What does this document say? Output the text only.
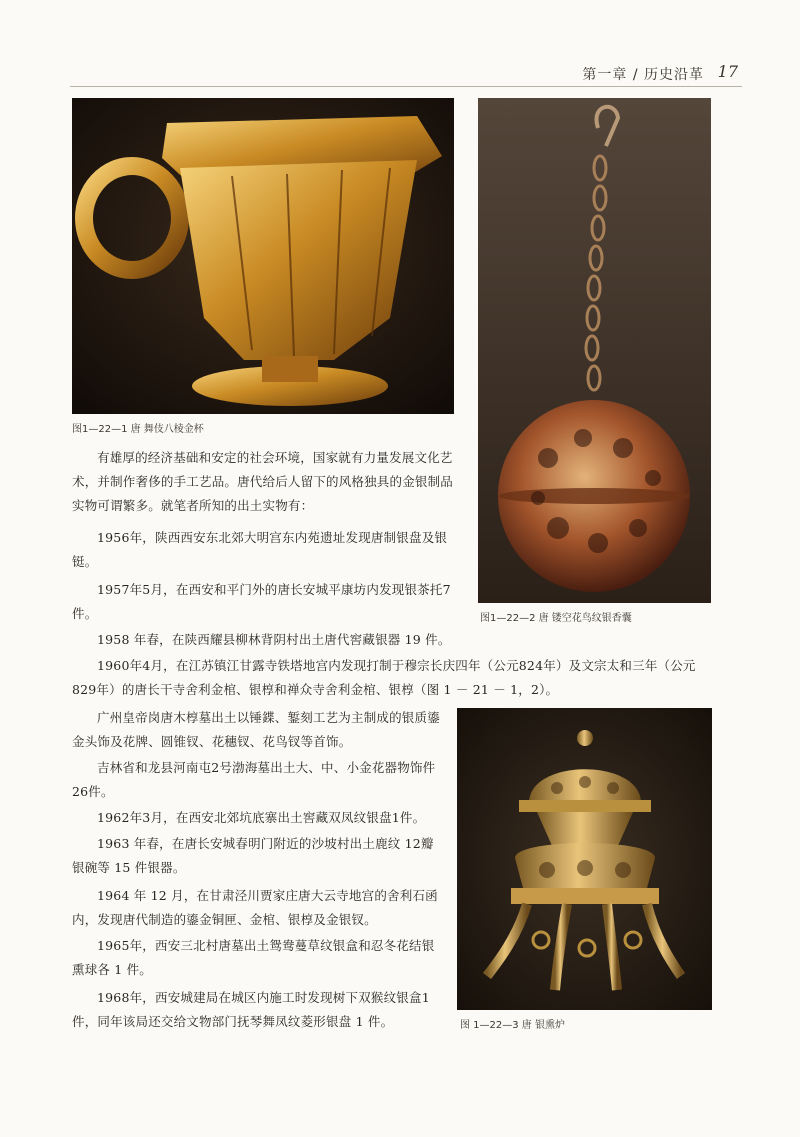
第一章 / 历史沿革 17
图1—22—1 唐 舞伎八棱金杯
图1—22—2 唐 镂空花鸟纹银香囊
图 1—22—3 唐 银熏炉

有雄厚的经济基础和安定的社会环境，国家就有力量发展文化艺术，并制作奢侈的手工艺品。唐代给后人留下的风格独具的金银制品实物可谓繁多。就笔者所知的出土实物有：

1956年，陕西西安东北郊大明宫东内苑遗址发现唐制银盘及银铤。

1957年5月，在西安和平门外的唐长安城平康坊内发现银茶托7件。

1958 年春，在陕西耀县柳林背阴村出土唐代窖藏银器 19 件。

1960年4月，在江苏镇江甘露寺铁塔地宫内发现打制于穆宗长庆四年（公元824年）及文宗太和三年（公元829年）的唐长干寺舍利金棺、银椁和禅众寺舍利金棺、银椁（图 1 － 21 － 1，2）。

广州皇帝岗唐木椁墓出土以锤鍱、錾刻工艺为主制成的银质鎏金头饰及花牌、圆锥钗、花穗钗、花鸟钗等首饰。

吉林省和龙县河南屯2号渤海墓出土大、中、小金花器物饰件26件。

1962年3月，在西安北郊坑底寨出土窖藏双凤纹银盘1件。

1963 年春，在唐长安城春明门附近的沙坡村出土鹿纹 12瓣银碗等 15 件银器。

1964 年 12 月，在甘肃泾川贾家庄唐大云寺地宫的舍利石函内，发现唐代制造的鎏金铜匣、金棺、银椁及金银钗。

1965年，西安三北村唐墓出土鸳鸯蔓草纹银盒和忍冬花结银熏球各 1 件。

1968年，西安城建局在城区内施工时发现树下双猴纹银盒1 件，同年该局还交给文物部门抚琴舞凤纹菱形银盘 1 件。
